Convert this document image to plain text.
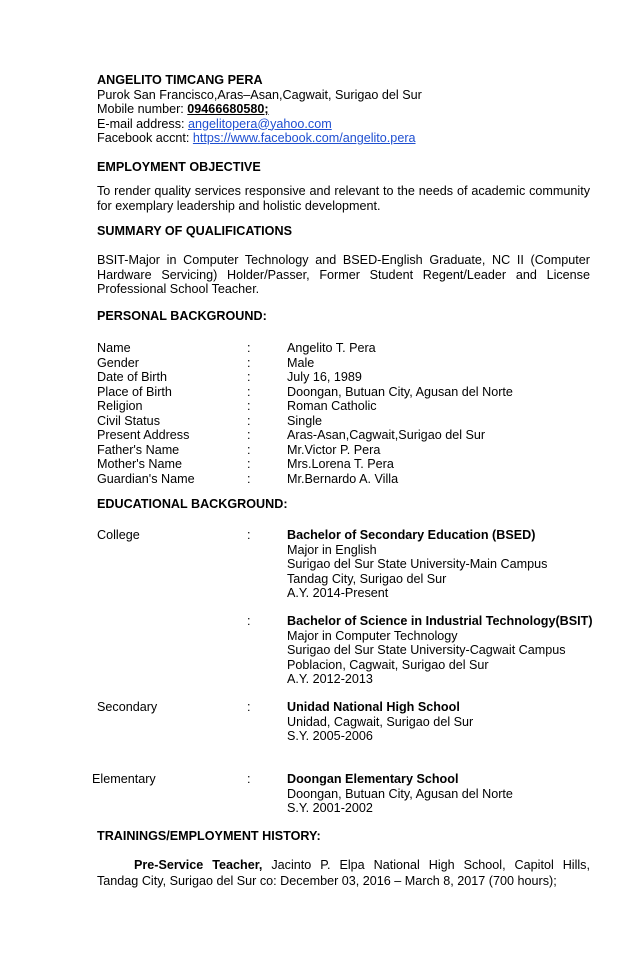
ANGELITO TIMCANG PERA
Purok San Francisco,Aras–Asan,Cagwait, Surigao del Sur
Mobile number: 09466680580;
E-mail address: angelitopera@yahoo.com
Facebook accnt: https://www.facebook.com/angelito.pera
EMPLOYMENT OBJECTIVE
To render quality services responsive and relevant to the needs of academic community
for exemplary leadership and holistic development.
SUMMARY OF QUALIFICATIONS
BSIT-Major in Computer Technology and BSED-English Graduate, NC II (Computer
Hardware Servicing) Holder/Passer, Former Student Regent/Leader and License
Professional School Teacher.
PERSONAL BACKGROUND:
Name	:	Angelito T. Pera
Gender	:	Male
Date of Birth	:	July 16, 1989
Place of Birth	:	Doongan, Butuan City, Agusan del Norte
Religion	:	Roman Catholic
Civil Status	:	Single
Present Address	:	Aras-Asan,Cagwait,Surigao del Sur
Father's Name	:	Mr.Victor P. Pera
Mother's Name	:	Mrs.Lorena T. Pera
Guardian's Name	:	Mr.Bernardo A. Villa
EDUCATIONAL BACKGROUND:
College	:	Bachelor of Secondary Education (BSED)
Major in English
Surigao del Sur State University-Main Campus
Tandag City, Surigao del Sur
A.Y. 2014-Present
:	Bachelor of Science in Industrial Technology(BSIT)
Major in Computer Technology
Surigao del Sur State University-Cagwait Campus
Poblacion, Cagwait, Surigao del Sur
A.Y. 2012-2013
Secondary	:	Unidad National High School
Unidad, Cagwait, Surigao del Sur
S.Y. 2005-2006
Elementary	:	Doongan Elementary School
Doongan, Butuan City, Agusan del Norte
S.Y. 2001-2002
TRAININGS/EMPLOYMENT HISTORY:
Pre-Service Teacher, Jacinto P. Elpa National High School, Capitol Hills,
Tandag City, Surigao del Sur co: December 03, 2016 – March 8, 2017 (700 hours);
